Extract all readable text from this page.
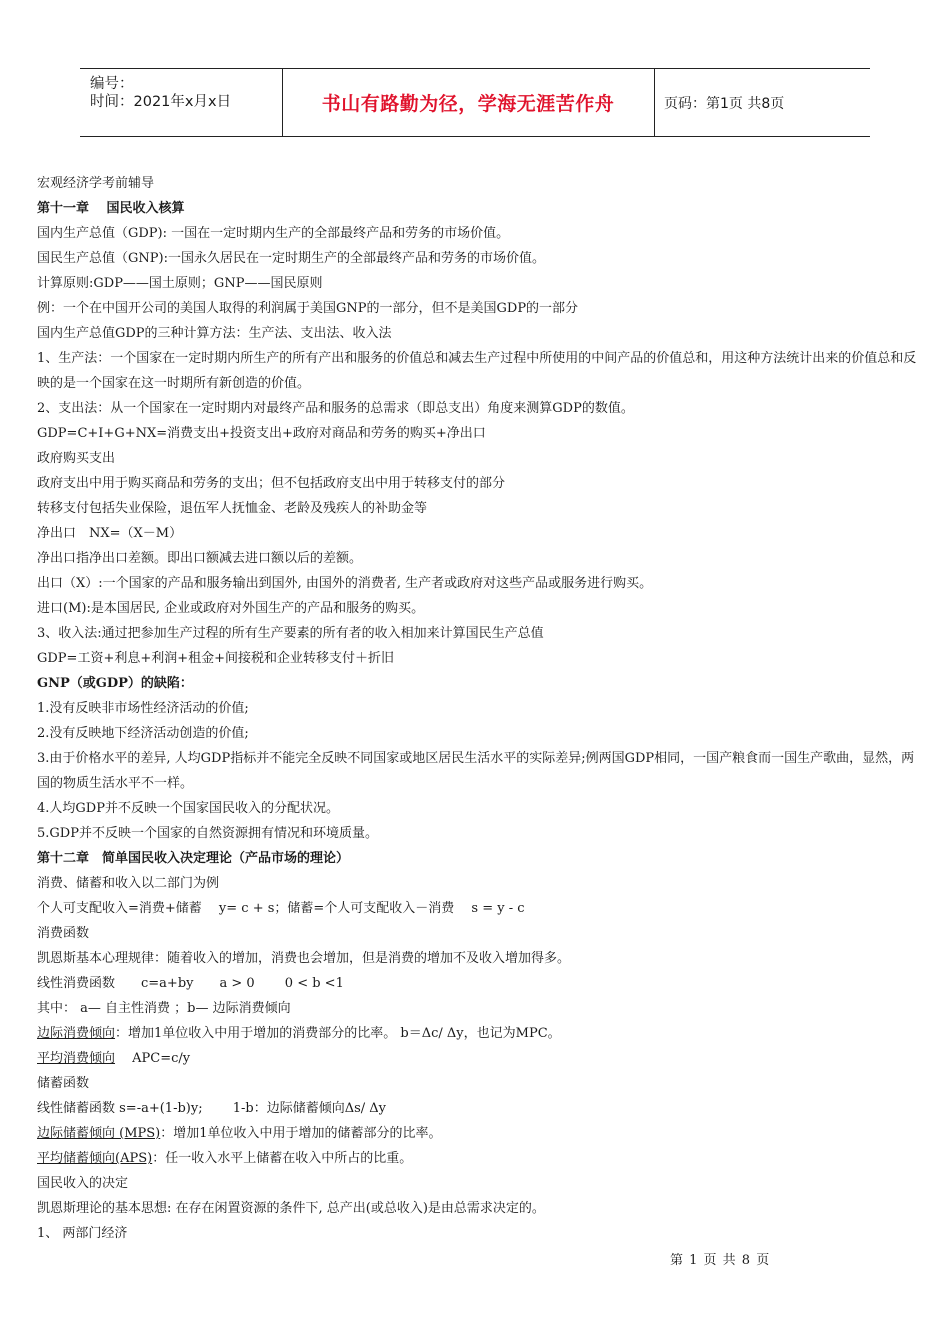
编号：
时间：2021年x月x日	书山有路勤为径，学海无涯苦作舟	页码：第1页 共8页
宏观经济学考前辅导
第十一章　 国民收入核算
国内生产总值（GDP): 一国在一定时期内生产的全部最终产品和劳务的市场价值。
国民生产总值（GNP):一国永久居民在一定时期生产的全部最终产品和劳务的市场价值。
计算原则:GDP——国土原则；GNP——国民原则
例：一个在中国开公司的美国人取得的利润属于美国GNP的一部分，但不是美国GDP的一部分
国内生产总值GDP的三种计算方法：生产法、支出法、收入法
1、生产法：一个国家在一定时期内所生产的所有产出和服务的价值总和减去生产过程中所使用的中间产品的价值总和，用这种方法统计出来的价值总和反映的是一个国家在这一时期所有新创造的价值。
2、支出法：从一个国家在一定时期内对最终产品和服务的总需求（即总支出）角度来测算GDP的数值。
GDP=C+I+G+NX=消费支出+投资支出+政府对商品和劳务的购买+净出口
政府购买支出
政府支出中用于购买商品和劳务的支出；但不包括政府支出中用于转移支付的部分
转移支付包括失业保险，退伍军人抚恤金、老龄及残疾人的补助金等
净出口　NX=（X－M）
净出口指净出口差额。即出口额减去进口额以后的差额。
出口（X）:一个国家的产品和服务输出到国外, 由国外的消费者, 生产者或政府对这些产品或服务进行购买。
进口(M):是本国居民, 企业或政府对外国生产的产品和服务的购买。
3、收入法:通过把参加生产过程的所有生产要素的所有者的收入相加来计算国民生产总值
GDP=工资+利息+利润+租金+间接税和企业转移支付＋折旧
GNP（或GDP）的缺陷：
1.没有反映非市场性经济活动的价值;
2.没有反映地下经济活动创造的价值;
3.由于价格水平的差异, 人均GDP指标并不能完全反映不同国家或地区居民生活水平的实际差异;例两国GDP相同，一国产粮食而一国生产歌曲，显然，两国的物质生活水平不一样。
4.人均GDP并不反映一个国家国民收入的分配状况。
5.GDP并不反映一个国家的自然资源拥有情况和环境质量。
第十二章　简单国民收入决定理论（产品市场的理论）
消费、储蓄和收入以二部门为例
个人可支配收入=消费+储蓄　 y= c + s；储蓄=个人可支配收入－消费　 s = y - c
消费函数
凯恩斯基本心理规律：随着收入的增加，消费也会增加，但是消费的增加不及收入增加得多。
线性消费函数　　c=a+by　　a > 0　　 0 < b <1
其中： a— 自主性消费 ；b— 边际消费倾向
边际消费倾向：增加1单位收入中用于增加的消费部分的比率。 b＝Δc/ Δy，也记为MPC。
平均消费倾向　 APC=c/y
储蓄函数
线性储蓄函数 s=-a+(1-b)y;　　 1-b：边际储蓄倾向Δs/ Δy
边际储蓄倾向 (MPS)：增加1单位收入中用于增加的储蓄部分的比率。
平均储蓄倾向(APS)：任一收入水平上储蓄在收入中所占的比重。
国民收入的决定
凯恩斯理论的基本思想: 在存在闲置资源的条件下, 总产出(或总收入)是由总需求决定的。
1、 两部门经济
第 1 页 共 8 页
